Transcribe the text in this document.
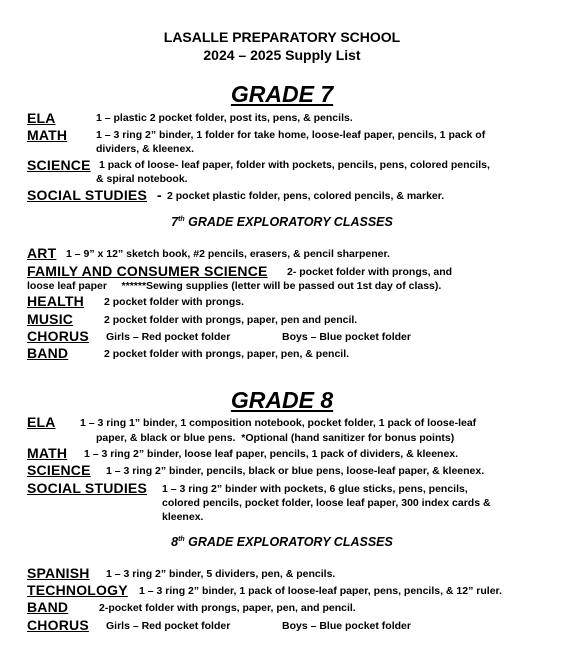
LASALLE PREPARATORY SCHOOL
2024 – 2025 Supply List
GRADE 7
ELA	1 – plastic 2 pocket folder, post its, pens, & pencils.
MATH	1 – 3 ring 2” binder, 1 folder for take home, loose-leaf paper, pencils, 1 pack of
dividers, & kleenex.
SCIENCE 1 pack of loose- leaf paper, folder with pockets, pencils, pens, colored pencils,
& spiral notebook.
SOCIAL STUDIES - 2 pocket plastic folder, pens, colored pencils, & marker.
7th GRADE EXPLORATORY CLASSES
ART 1 – 9” x 12” sketch book, #2 pencils, erasers, & pencil sharpener.
FAMILY AND CONSUMER SCIENCE 2- pocket folder with prongs, and
loose leaf paper     ******Sewing supplies (letter will be passed out 1st day of class).
HEALTH 2 pocket folder with prongs.
MUSIC	2 pocket folder with prongs, paper, pen and pencil.
CHORUS Girls – Red pocket folder	Boys – Blue pocket folder
BAND	2 pocket folder with prongs, paper, pen, & pencil.
GRADE 8
ELA 1 – 3 ring 1” binder, 1 composition notebook, pocket folder, 1 pack of loose-leaf
paper, & black or blue pens.  *Optional (hand sanitizer for bonus points)
MATH 1 – 3 ring 2” binder, loose leaf paper, pencils, 1 pack of dividers, & kleenex.
SCIENCE 1 – 3 ring 2” binder, pencils, black or blue pens, loose-leaf paper, & kleenex.
SOCIAL STUDIES 1 – 3 ring 2” binder with pockets, 6 glue sticks, pens, pencils,
colored pencils, pocket folder, loose leaf paper, 300 index cards &
kleenex.
8th GRADE EXPLORATORY CLASSES
SPANISH 1 – 3 ring 2” binder, 5 dividers, pen, & pencils.
TECHNOLOGY 1 – 3 ring 2” binder, 1 pack of loose-leaf paper, pens, pencils, & 12” ruler.
BAND	2-pocket folder with prongs, paper, pen, and pencil.
CHORUS Girls – Red pocket folder	Boys – Blue pocket folder
